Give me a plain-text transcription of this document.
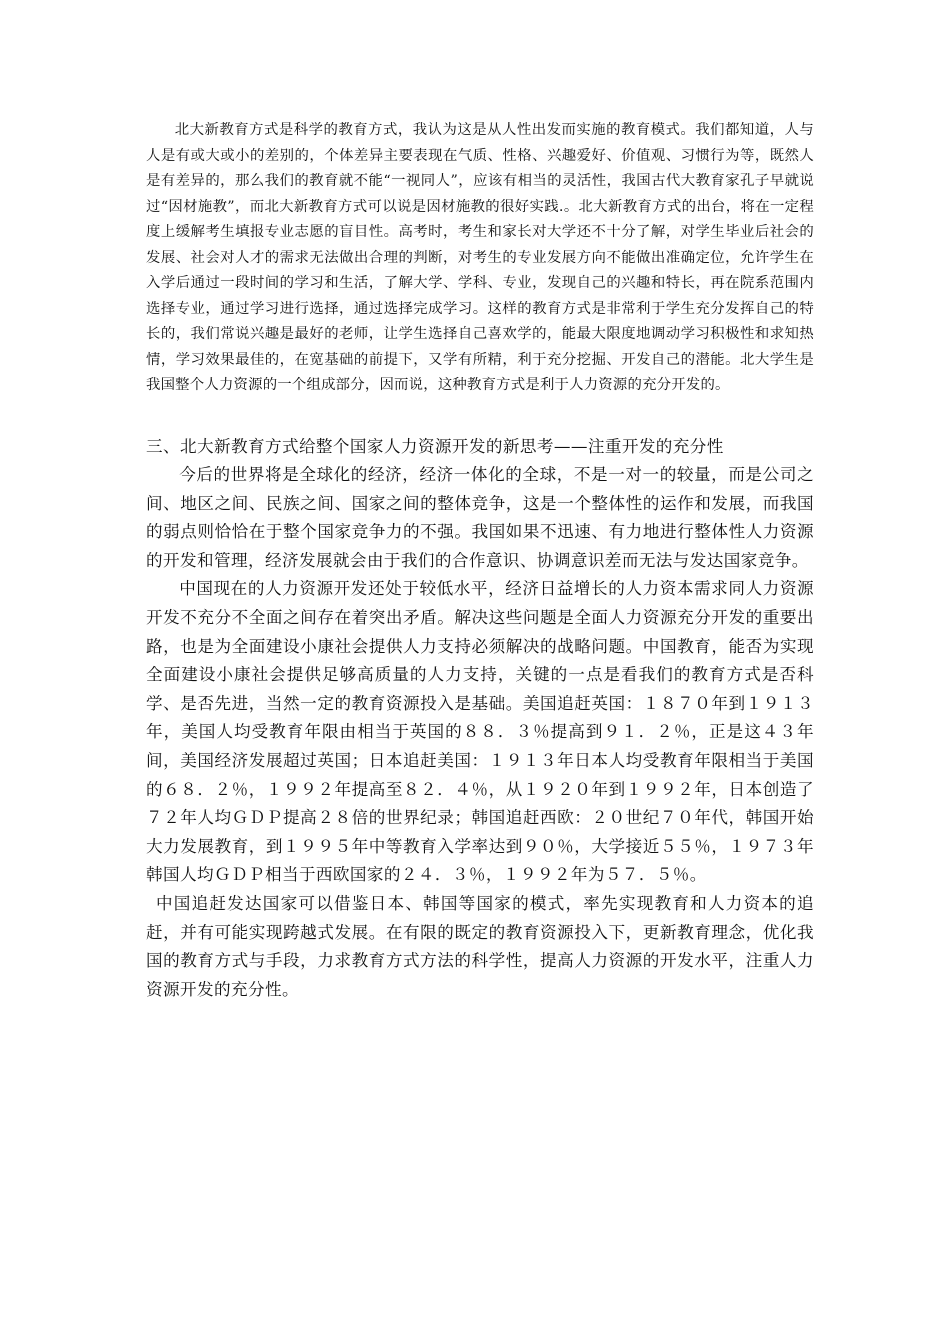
北大新教育方式是科学的教育方式，我认为这是从人性出发而实施的教育模式。我们都知道，人与人是有或大或小的差别的，个体差异主要表现在气质、性格、兴趣爱好、价值观、习惯行为等，既然人是有差异的，那么我们的教育就不能“一视同人”，应该有相当的灵活性，我国古代大教育家孔子早就说过“因材施教”，而北大新教育方式可以说是因材施教的很好实践.。北大新教育方式的出台，将在一定程度上缓解考生填报专业志愿的盲目性。高考时，考生和家长对大学还不十分了解，对学生毕业后社会的发展、社会对人才的需求无法做出合理的判断，对考生的专业发展方向不能做出准确定位，允许学生在入学后通过一段时间的学习和生活，了解大学、学科、专业，发现自己的兴趣和特长，再在院系范围内选择专业，通过学习进行选择，通过选择完成学习。这样的教育方式是非常利于学生充分发挥自己的特长的，我们常说兴趣是最好的老师，让学生选择自己喜欢学的，能最大限度地调动学习积极性和求知热情，学习效果最佳的，在宽基础的前提下，又学有所精，利于充分挖掘、开发自己的潜能。北大学生是我国整个人力资源的一个组成部分，因而说，这种教育方式是利于人力资源的充分开发的。

三、北大新教育方式给整个国家人力资源开发的新思考——注重开发的充分性

今后的世界将是全球化的经济，经济一体化的全球，不是一对一的较量，而是公司之间、地区之间、民族之间、国家之间的整体竞争，这是一个整体性的运作和发展，而我国的弱点则恰恰在于整个国家竞争力的不强。我国如果不迅速、有力地进行整体性人力资源的开发和管理，经济发展就会由于我们的合作意识、协调意识差而无法与发达国家竞争。

中国现在的人力资源开发还处于较低水平，经济日益增长的人力资本需求同人力资源开发不充分不全面之间存在着突出矛盾。解决这些问题是全面人力资源充分开发的重要出路，也是为全面建设小康社会提供人力支持必须解决的战略问题。中国教育，能否为实现全面建设小康社会提供足够高质量的人力支持，关键的一点是看我们的教育方式是否科学、是否先进，当然一定的教育资源投入是基础。美国追赶英国：１８７０年到１９１３年，美国人均受教育年限由相当于英国的８８．３％提高到９１．２％，正是这４３年间，美国经济发展超过英国；日本追赶美国：１９１３年日本人均受教育年限相当于美国的６８．２％，１９９２年提高至８２．４％，从１９２０年到１９９２年，日本创造了７２年人均ＧＤＰ提高２８倍的世界纪录；韩国追赶西欧：２０世纪７０年代，韩国开始大力发展教育，到１９９５年中等教育入学率达到９０％，大学接近５５％，１９７３年韩国人均ＧＤＰ相当于西欧国家的２４．３％，１９９２年为５７．５％。

中国追赶发达国家可以借鉴日本、韩国等国家的模式，率先实现教育和人力资本的追赶，并有可能实现跨越式发展。在有限的既定的教育资源投入下，更新教育理念，优化我国的教育方式与手段，力求教育方式方法的科学性，提高人力资源的开发水平，注重人力资源开发的充分性。
